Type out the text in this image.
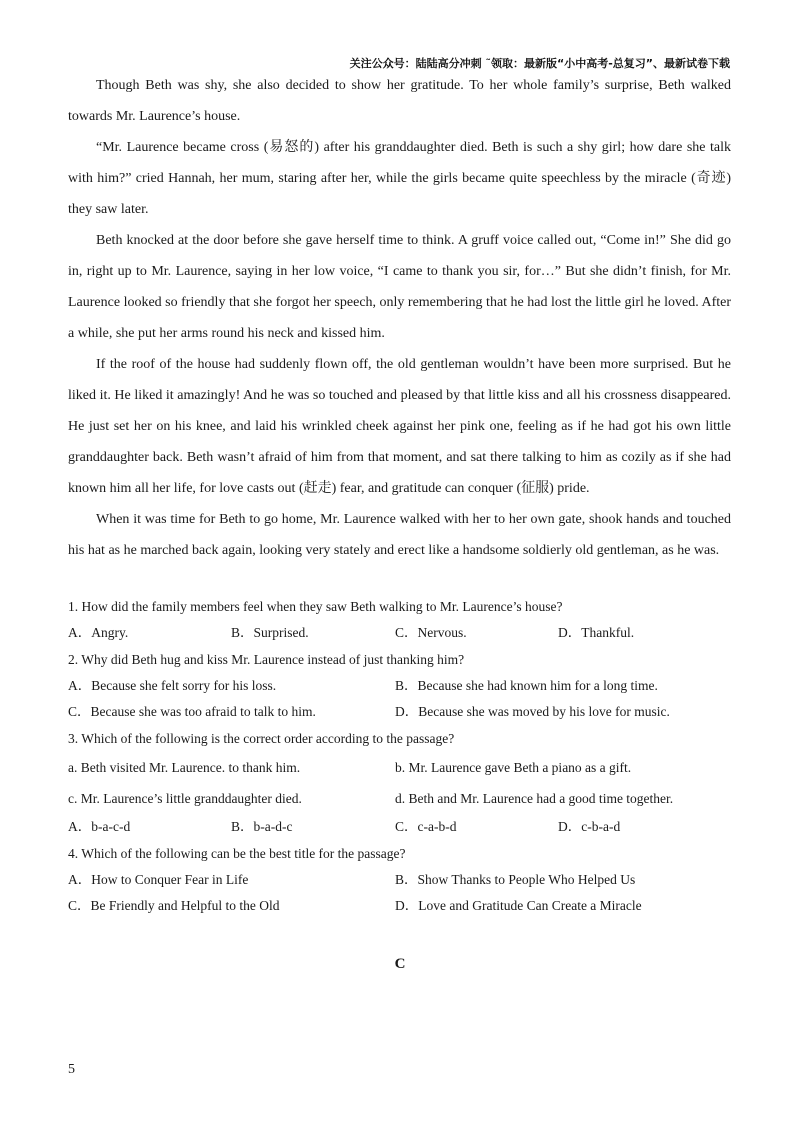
关注公众号：陆陆高分冲刺 ˜领取：最新版“小中高考-总复习”、最新试卷下载

Though Beth was shy, she also decided to show her gratitude. To her whole family’s surprise, Beth walked towards Mr. Laurence’s house.

“Mr. Laurence became cross (易怒的) after his granddaughter died. Beth is such a shy girl; how dare she talk with him?” cried Hannah, her mum, staring after her, while the girls became quite speechless by the miracle (奇迹) they saw later.

Beth knocked at the door before she gave herself time to think. A gruff voice called out, “Come in!” She did go in, right up to Mr. Laurence, saying in her low voice, “I came to thank you sir, for…” But she didn’t finish, for Mr. Laurence looked so friendly that she forgot her speech, only remembering that he had lost the little girl he loved. After a while, she put her arms round his neck and kissed him.

If the roof of the house had suddenly flown off, the old gentleman wouldn’t have been more surprised. But he liked it. He liked it amazingly! And he was so touched and pleased by that little kiss and all his crossness disappeared. He just set her on his knee, and laid his wrinkled cheek against her pink one, feeling as if he had got his own little granddaughter back. Beth wasn’t afraid of him from that moment, and sat there talking to him as cozily as if she had known him all her life, for love casts out (赶走) fear, and gratitude can conquer (征服) pride.

When it was time for Beth to go home, Mr. Laurence walked with her to her own gate, shook hands and touched his hat as he marched back again, looking very stately and erect like a handsome soldierly old gentleman, as he was.

1. How did the family members feel when they saw Beth walking to Mr. Laurence’s house?
A．Angry.	B．Surprised.	C．Nervous.	D．Thankful.
2. Why did Beth hug and kiss Mr. Laurence instead of just thanking him?
A．Because she felt sorry for his loss.	B．Because she had known him for a long time.
C．Because she was too afraid to talk to him.	D．Because she was moved by his love for music.
3. Which of the following is the correct order according to the passage?
a. Beth visited Mr. Laurence. to thank him.	b. Mr. Laurence gave Beth a piano as a gift.
c. Mr. Laurence’s little granddaughter died.	d. Beth and Mr. Laurence had a good time together.
A．b-a-c-d	B．b-a-d-c	C．c-a-b-d	D．c-b-a-d
4. Which of the following can be the best title for the passage?
A．How to Conquer Fear in Life	B．Show Thanks to People Who Helped Us
C．Be Friendly and Helpful to the Old	D．Love and Gratitude Can Create a Miracle
C
5
